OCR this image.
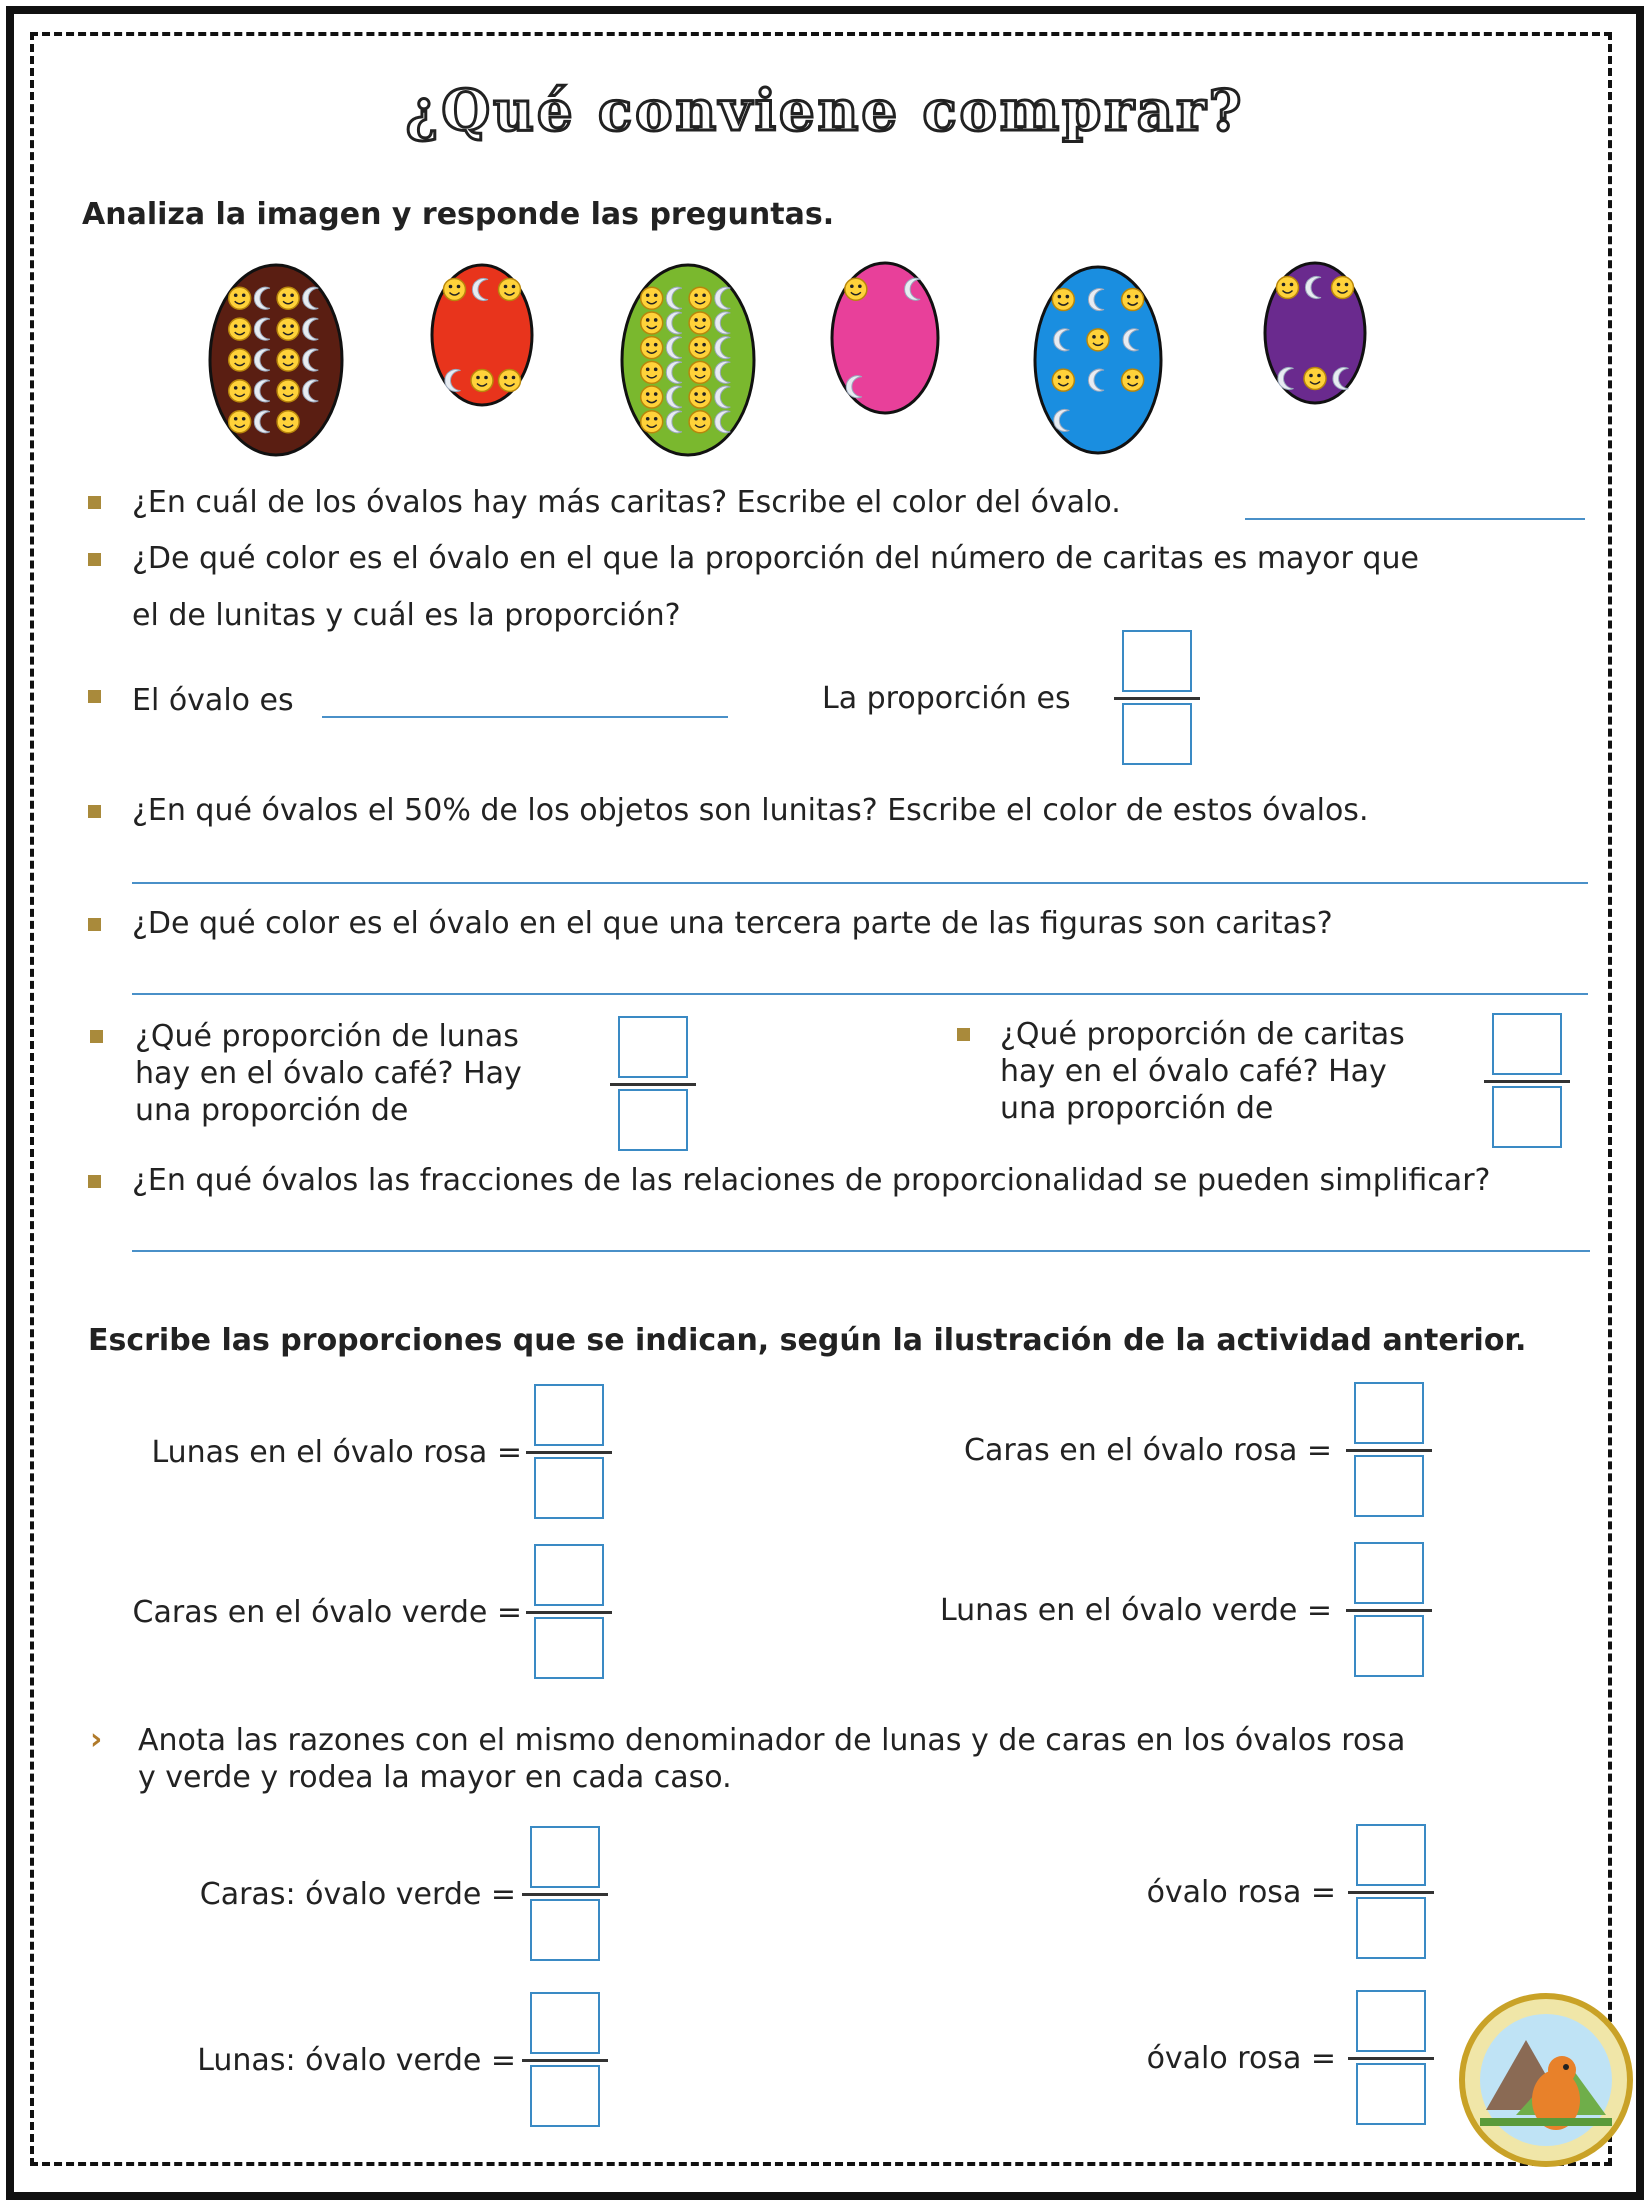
¿Qué conviene comprar?
Analiza la imagen y responde las preguntas.
¿En cuál de los óvalos hay más caritas? Escribe el color del óvalo.
¿De qué color es el óvalo en el que la proporción del número de caritas es mayor que
el de lunitas y cuál es la proporción?
El óvalo es	La proporción es
¿En qué óvalos el 50% de los objetos son lunitas? Escribe el color de estos óvalos.
¿De qué color es el óvalo en el que una tercera parte de las figuras son caritas?
¿Qué proporción de lunas
hay en el óvalo café? Hay
una proporción de
¿Qué proporción de caritas
hay en el óvalo café? Hay
una proporción de
¿En qué óvalos las fracciones de las relaciones de proporcionalidad se pueden simplificar?
Escribe las proporciones que se indican, según la ilustración de la actividad anterior.
Lunas en el óvalo rosa =	Caras en el óvalo rosa =
Caras en el óvalo verde =	Lunas en el óvalo verde =
› Anota las razones con el mismo denominador de lunas y de caras en los óvalos rosa
y verde y rodea la mayor en cada caso.
Caras: óvalo verde =	óvalo rosa =
Lunas: óvalo verde =	óvalo rosa =
